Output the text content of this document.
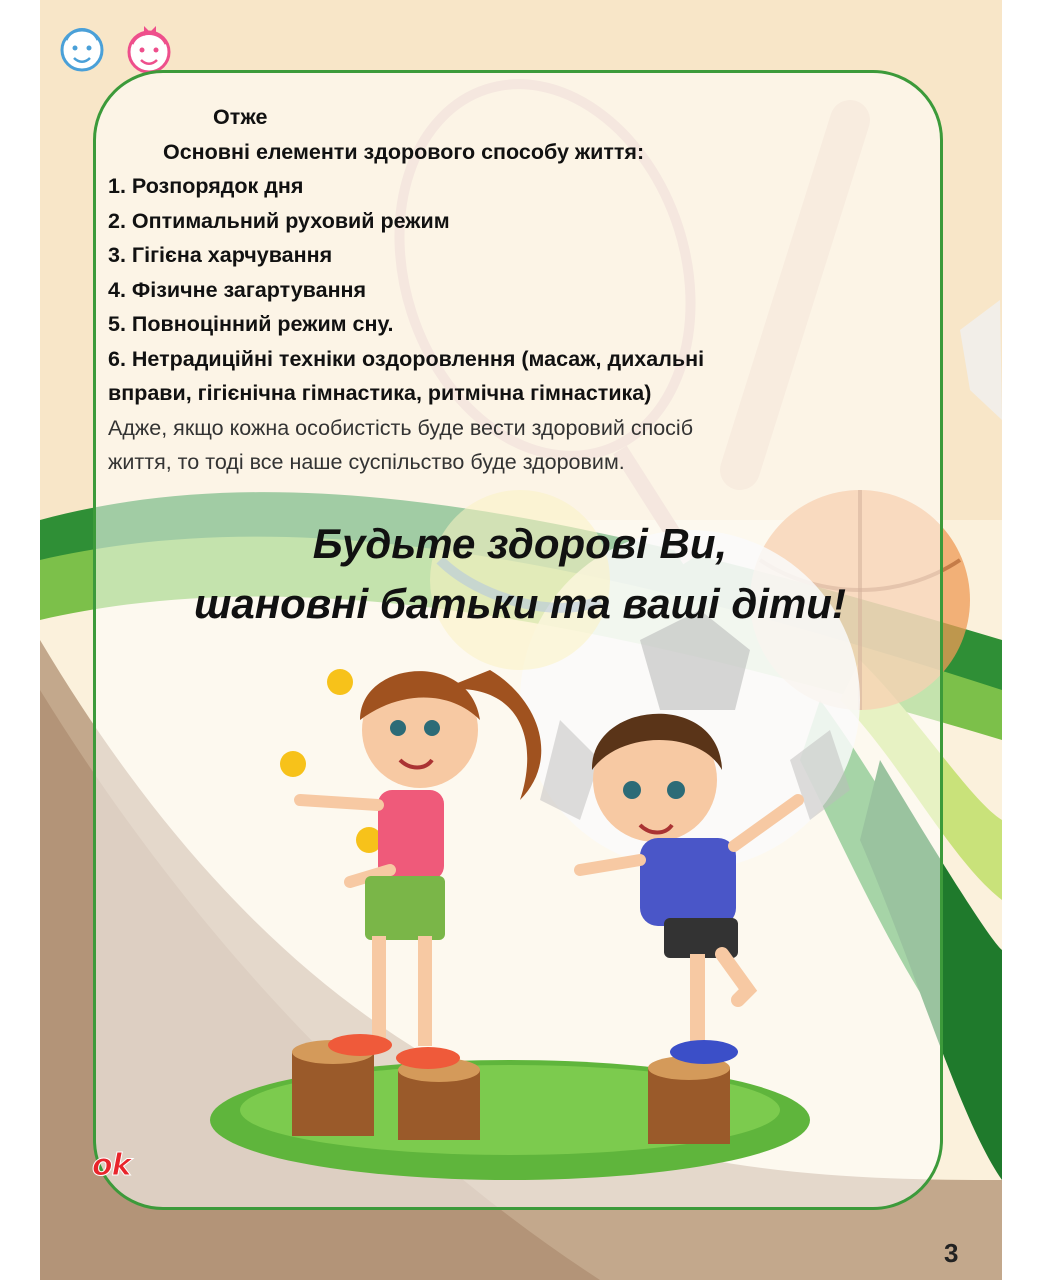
Отже
Основні елементи здорового способу життя:
1. Розпорядок дня
2. Оптимальний руховий режим
3. Гігієна харчування
4. Фізичне загартування
5. Повноцінний режим сну.
6. Нетрадиційні техніки оздоровлення (масаж, дихальні
вправи, гігієнічна гімнастика, ритмічна гімнастика)
Адже, якщо кожна особистість буде вести здоровий спосіб
життя, то тоді все наше суспільство буде здоровим.
Будьте здорові Ви,
шановні батьки та ваші діти!
ok
3
